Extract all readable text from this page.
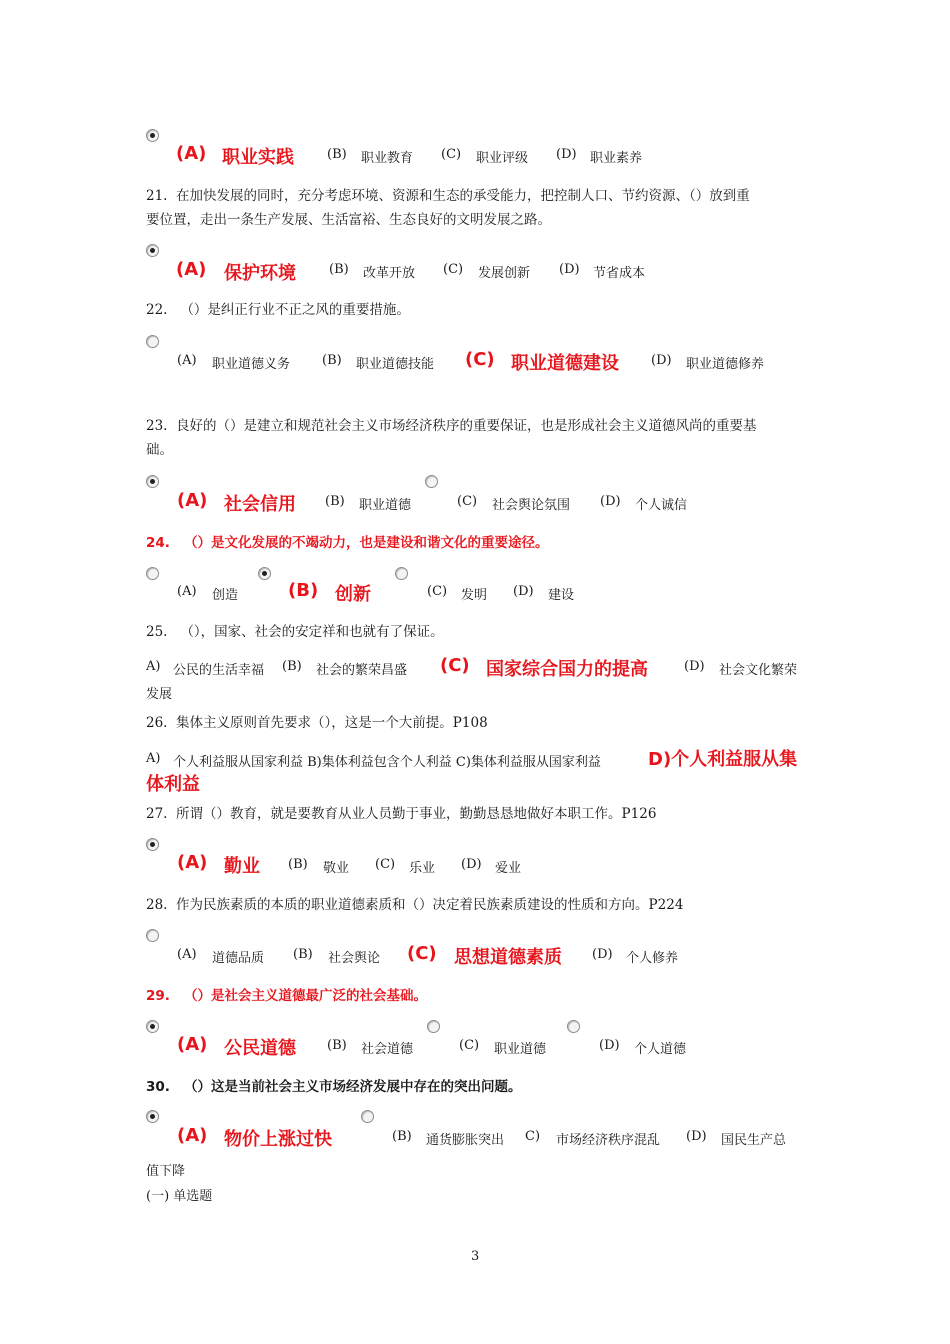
(A) 职业实践	(B) 职业教育 (C) 职业评级 (D) 职业素养
21.  在加快发展的同时，充分考虑环境、资源和生态的承受能力，把控制人口、节约资源、（）放到重
要位置，走出一条生产发展、生活富裕、生态良好的文明发展之路。
(A) 保护环境	(B) 改革开放 (C) 发展创新 (D) 节省成本
22.   （）是纠正行业不正之风的重要措施。
(A) 职业道德义务 (B) 职业道德技能 (C) 职业道德建设 (D) 职业道德修养
23.  良好的（）是建立和规范社会主义市场经济秩序的重要保证，也是形成社会主义道德风尚的重要基
础。
(A) 社会信用 (B) 职业道德	(C) 社会舆论氛围 (D) 个人诚信
24.   （）是文化发展的不竭动力，也是建设和谐文化的重要途径。
(A) 创造	(B) 创新	(C) 发明 (D) 建设
25.   （），国家、社会的安定祥和也就有了保证。
A) 公民的生活幸福 (B) 社会的繁荣昌盛 (C) 国家综合国力的提高	(D) 社会文化繁荣
发展
26.  集体主义原则首先要求（），这是一个大前提。P108
A) 个人利益服从国家利益 B)集体利益包含个人利益 C)集体利益服从国家利益	D)个人利益服从集
体利益
27.  所谓（）教育，就是要教育从业人员勤于事业，勤勤恳恳地做好本职工作。P126
(A) 勤业 (B) 敬业 (C) 乐业 (D) 爱业
28.  作为民族素质的本质的职业道德素质和（）决定着民族素质建设的性质和方向。P224
(A) 道德品质 (B) 社会舆论 (C) 思想道德素质 (D) 个人修养
29.   （）是社会主义道德最广泛的社会基础。
(A) 公民道德 (B) 社会道德	(C) 职业道德	(D) 个人道德
30.   （）这是当前社会主义市场经济发展中存在的突出问题。
(A) 物价上涨过快	(B) 通货膨胀突出 C) 市场经济秩序混乱 (D) 国民生产总
值下降
(一) 单选题
3
